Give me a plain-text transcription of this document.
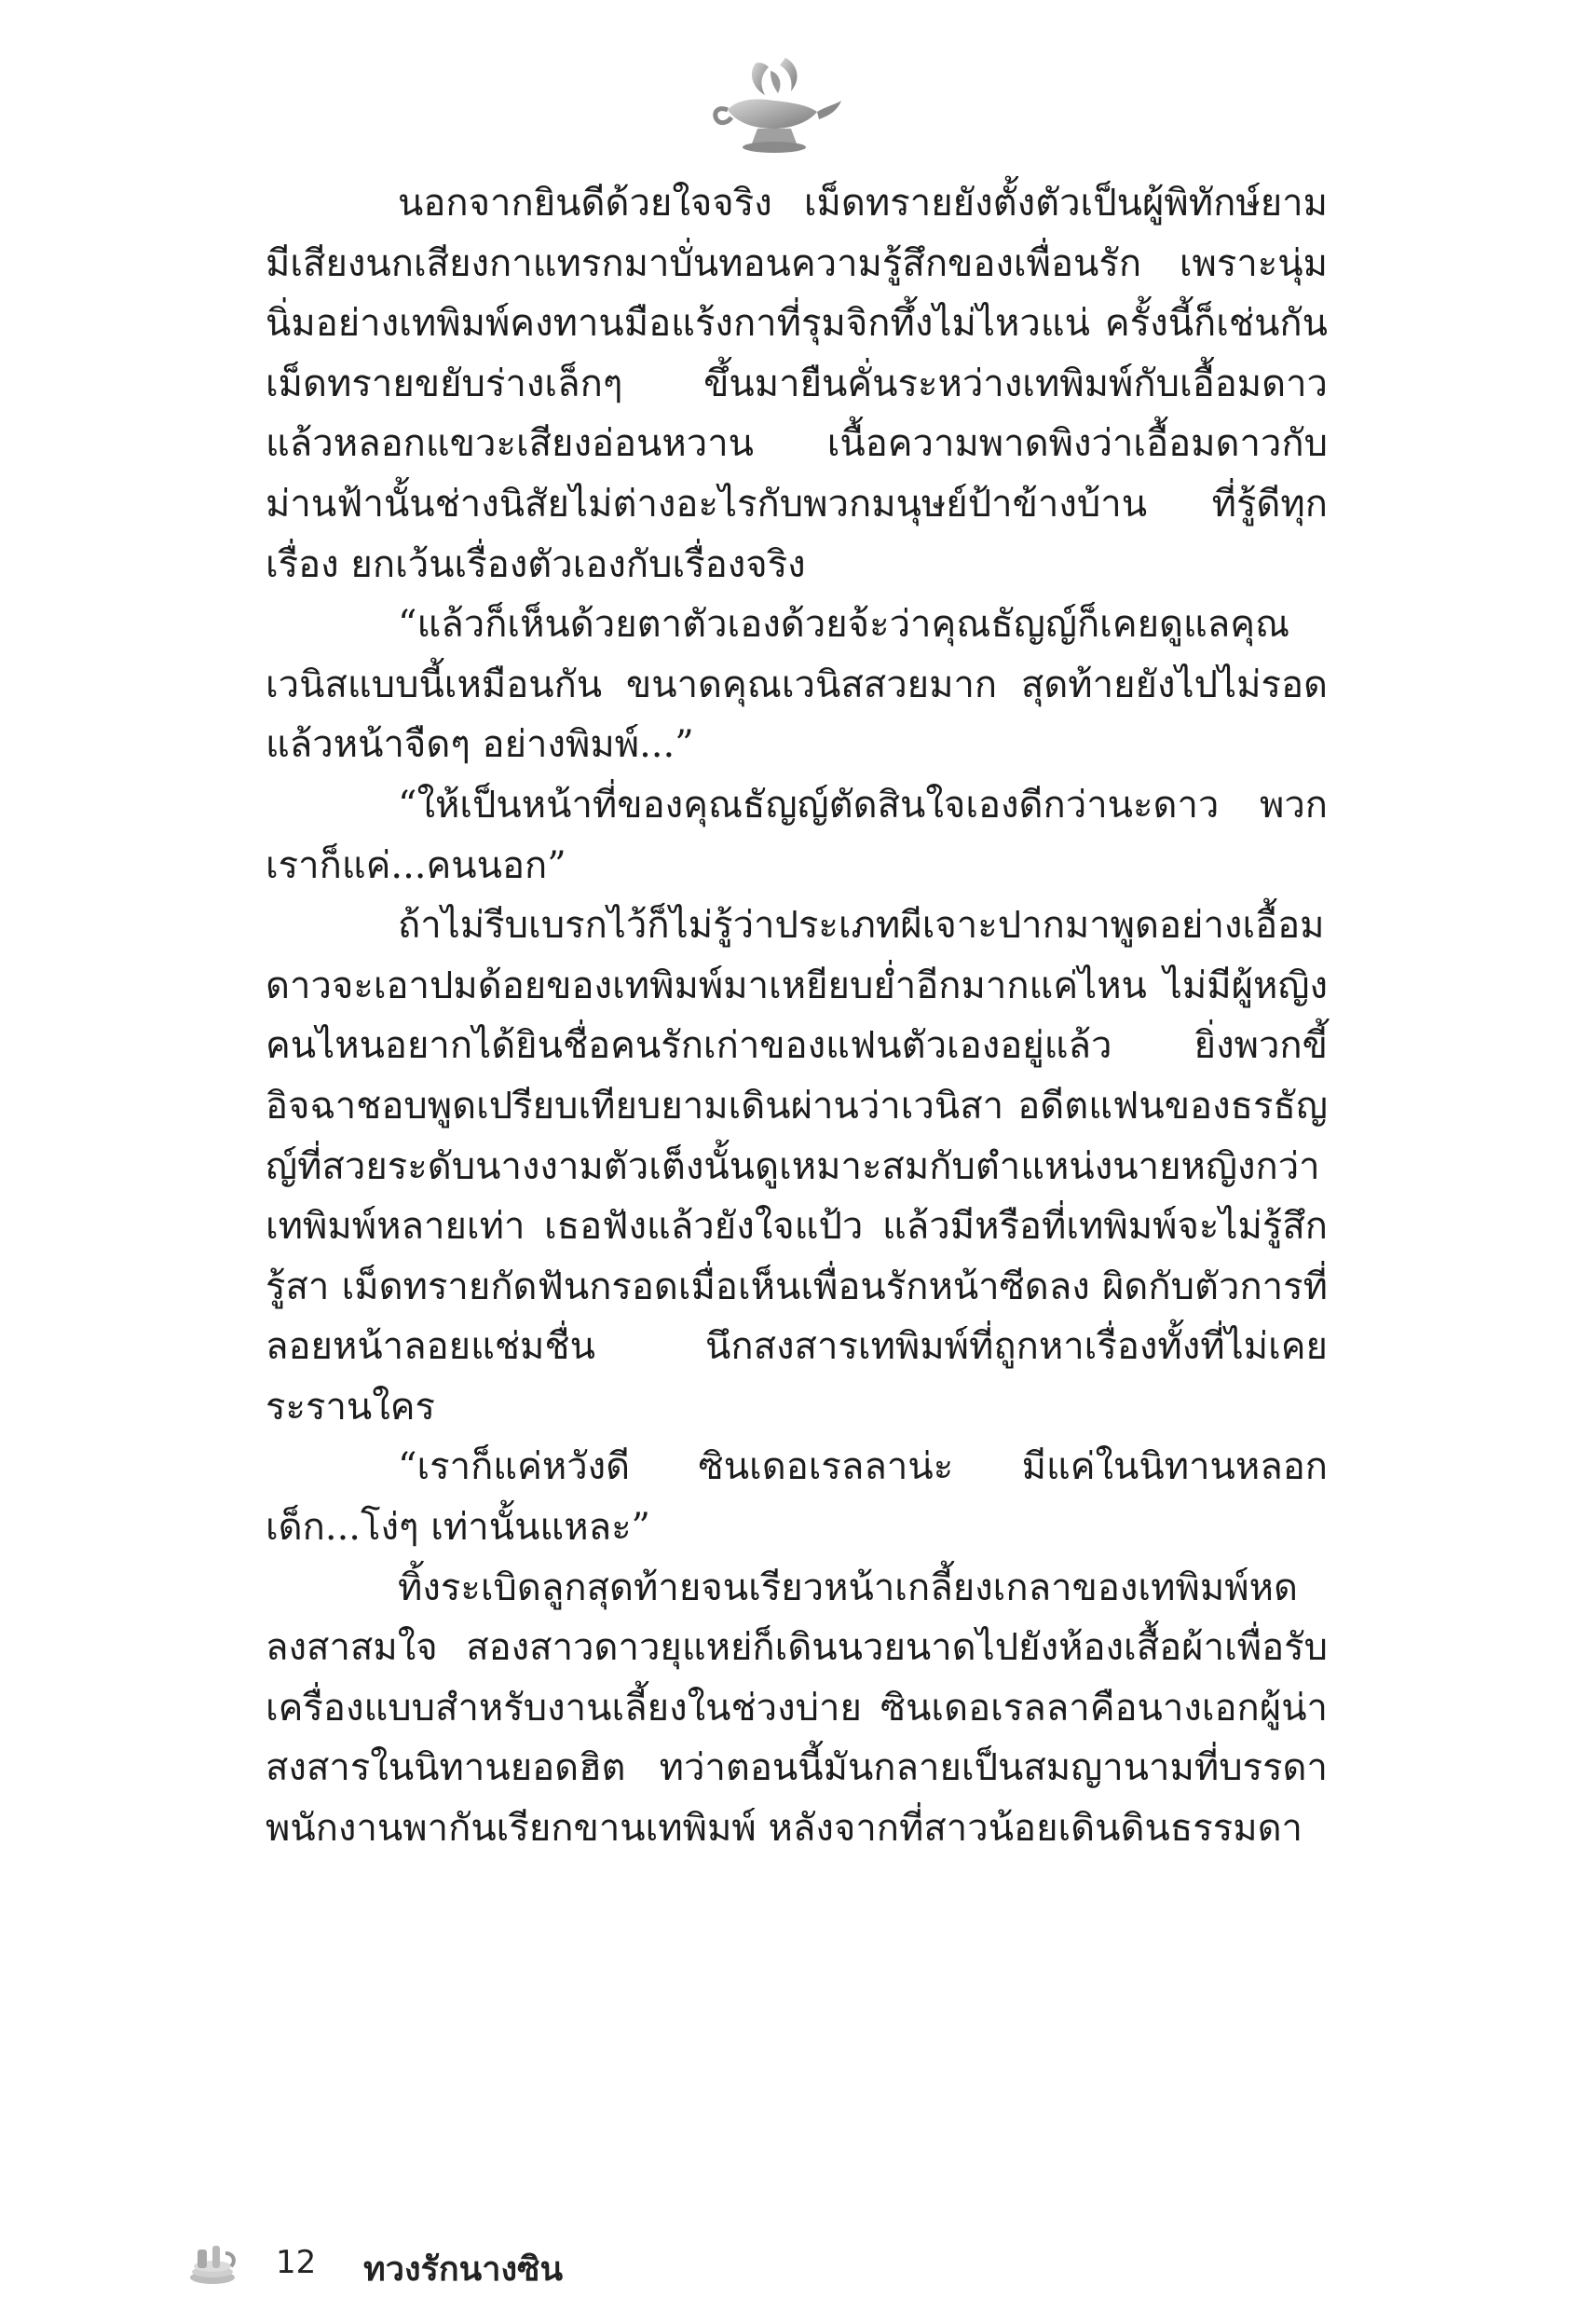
นอกจากยินดีด้วยใจจริง เม็ดทรายยังตั้งตัวเป็นผู้พิทักษ์ยามมีเสียงนกเสียงกาแทรกมาบั่นทอนความรู้สึกของเพื่อนรัก เพราะนุ่มนิ่มอย่างเทพิมพ์คงทานมือแร้งกาที่รุมจิกทึ้งไม่ไหวแน่ ครั้งนี้ก็เช่นกันเม็ดทรายขยับร่างเล็กๆ ขึ้นมายืนคั่นระหว่างเทพิมพ์กับเอื้อมดาว แล้วหลอกแขวะเสียงอ่อนหวาน เนื้อความพาดพิงว่าเอื้อมดาวกับม่านฟ้านั้นช่างนิสัยไม่ต่างอะไรกับพวกมนุษย์ป้าข้างบ้าน ที่รู้ดีทุกเรื่อง ยกเว้นเรื่องตัวเองกับเรื่องจริง

“แล้วก็เห็นด้วยตาตัวเองด้วยจ้ะว่าคุณธัญญ์ก็เคยดูแลคุณเวนิสแบบนี้เหมือนกัน ขนาดคุณเวนิสสวยมาก สุดท้ายยังไปไม่รอด แล้วหน้าจืดๆ อย่างพิมพ์...”

“ให้เป็นหน้าที่ของคุณธัญญ์ตัดสินใจเองดีกว่านะดาว พวกเราก็แค่...คนนอก”

ถ้าไม่รีบเบรกไว้ก็ไม่รู้ว่าประเภทผีเจาะปากมาพูดอย่างเอื้อมดาวจะเอาปมด้อยของเทพิมพ์มาเหยียบย่ำอีกมากแค่ไหน ไม่มีผู้หญิงคนไหนอยากได้ยินชื่อคนรักเก่าของแฟนตัวเองอยู่แล้ว ยิ่งพวกขี้อิจฉาชอบพูดเปรียบเทียบยามเดินผ่านว่าเวนิสา อดีตแฟนของธรธัญญ์ที่สวยระดับนางงามตัวเต็งนั้นดูเหมาะสมกับตำแหน่งนายหญิงกว่าเทพิมพ์หลายเท่า เธอฟังแล้วยังใจแป้ว แล้วมีหรือที่เทพิมพ์จะไม่รู้สึกรู้สา เม็ดทรายกัดฟันกรอดเมื่อเห็นเพื่อนรักหน้าซีดลง ผิดกับตัวการที่ลอยหน้าลอยแช่มชื่น นึกสงสารเทพิมพ์ที่ถูกหาเรื่องทั้งที่ไม่เคยระรานใคร

“เราก็แค่หวังดี ซินเดอเรลลาน่ะ มีแค่ในนิทานหลอกเด็ก...โง่ๆ เท่านั้นแหละ”

ทิ้งระเบิดลูกสุดท้ายจนเรียวหน้าเกลี้ยงเกลาของเทพิมพ์หดลงสาสมใจ สองสาวดาวยุแหย่ก็เดินนวยนาดไปยังห้องเสื้อผ้าเพื่อรับเครื่องแบบสำหรับงานเลี้ยงในช่วงบ่าย ซินเดอเรลลาคือนางเอกผู้น่าสงสารในนิทานยอดฮิต ทว่าตอนนี้มันกลายเป็นสมญานามที่บรรดาพนักงานพากันเรียกขานเทพิมพ์ หลังจากที่สาวน้อยเดินดินธรรมดา

12 ทวงรักนางซิน
